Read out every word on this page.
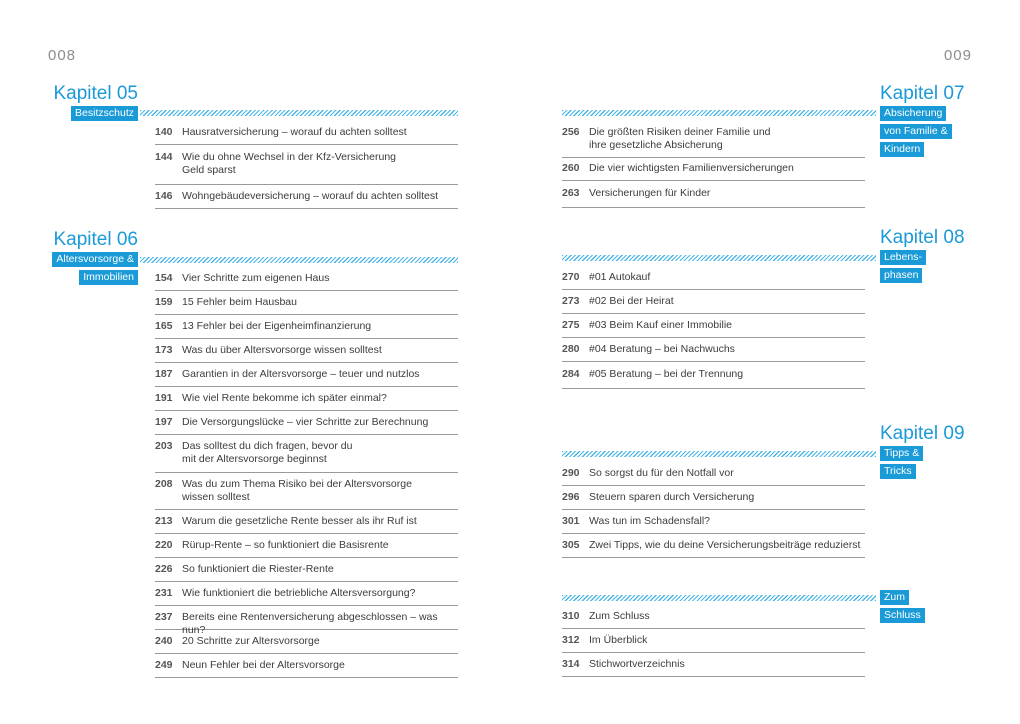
008	009
Kapitel 05
Besitzschutz
140 Hausratversicherung – worauf du achten solltest
144 Wie du ohne Wechsel in der Kfz-Versicherung
Geld sparst
146 Wohngebäudeversicherung – worauf du achten solltest
Kapitel 06
Altersvorsorge &
Immobilien	154 Vier Schritte zum eigenen Haus
159 15 Fehler beim Hausbau
165 13 Fehler bei der Eigenheimfinanzierung
173 Was du über Altersvorsorge wissen solltest
187 Garantien in der Altersvorsorge – teuer und nutzlos
191 Wie viel Rente bekomme ich später einmal?
197 Die Versorgungslücke – vier Schritte zur Berechnung
203 Das solltest du dich fragen, bevor du
mit der Altersvorsorge beginnst
208 Was du zum Thema Risiko bei der Altersvorsorge
wissen solltest
213 Warum die gesetzliche Rente besser als ihr Ruf ist
220 Rürup-Rente – so funktioniert die Basisrente
226 So funktioniert die Riester-Rente
231 Wie funktioniert die betriebliche Altersversorgung?
237 Bereits eine Rentenversicherung abgeschlossen – was nun?
240 20 Schritte zur Altersvorsorge
249 Neun Fehler bei der Altersvorsorge
Kapitel 07
Absicherung
von Familie &
Kindern
256 Die größten Risiken deiner Familie und
ihre gesetzliche Absicherung
260 Die vier wichtigsten Familienversicherungen
263 Versicherungen für Kinder
Kapitel 08
Lebens-
phasen
270 #01 Autokauf
273 #02 Bei der Heirat
275 #03 Beim Kauf einer Immobilie
280 #04 Beratung – bei Nachwuchs
284 #05 Beratung – bei der Trennung
Kapitel 09
Tipps &
Tricks
290 So sorgst du für den Notfall vor
296 Steuern sparen durch Versicherung
301 Was tun im Schadensfall?
305 Zwei Tipps, wie du deine Versicherungsbeiträge reduzierst
Zum
Schluss
310 Zum Schluss
312 Im Überblick
314 Stichwortverzeichnis
